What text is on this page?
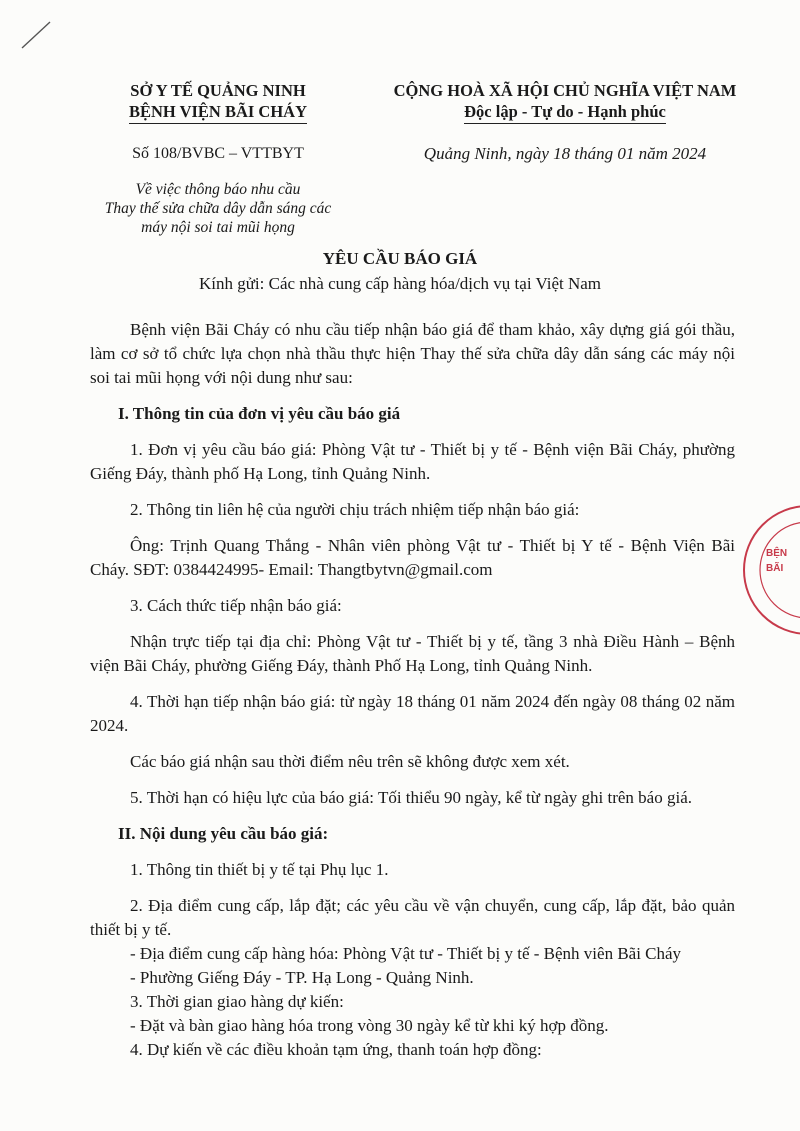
SỞ Y TẾ QUẢNG NINH

BỆNH VIỆN BÃI CHÁY

Số 108/BVBC – VTTBYT

Về việc thông báo nhu cầu

Thay thế sửa chữa dây dẫn sáng các

máy nội soi tai mũi họng

CỘNG HOÀ XÃ HỘI CHỦ NGHĨA VIỆT NAM

Độc lập - Tự do - Hạnh phúc

Quảng Ninh, ngày 18 tháng 01 năm 2024

YÊU CẦU BÁO GIÁ

Kính gửi: Các nhà cung cấp hàng hóa/dịch vụ tại Việt Nam

Bệnh viện Bãi Cháy có nhu cầu tiếp nhận báo giá để tham khảo, xây dựng giá gói thầu, làm cơ sở tổ chức lựa chọn nhà thầu thực hiện Thay thế sửa chữa dây dẫn sáng các máy nội soi tai mũi họng với nội dung như sau:

I. Thông tin của đơn vị yêu cầu báo giá

1. Đơn vị yêu cầu báo giá: Phòng Vật tư - Thiết bị y tế - Bệnh viện Bãi Cháy, phường Giếng Đáy, thành phố Hạ Long, tỉnh Quảng Ninh.

2. Thông tin liên hệ của người chịu trách nhiệm tiếp nhận báo giá:

Ông: Trịnh Quang Thắng - Nhân viên phòng Vật tư - Thiết bị Y tế - Bệnh Viện Bãi Cháy. SĐT: 0384424995- Email: Thangtbytvn@gmail.com

3. Cách thức tiếp nhận báo giá:

Nhận trực tiếp tại địa chỉ: Phòng Vật tư - Thiết bị y tế, tầng 3 nhà Điều Hành – Bệnh viện Bãi Cháy, phường Giếng Đáy, thành Phố Hạ Long, tỉnh Quảng Ninh.

4. Thời hạn tiếp nhận báo giá: từ ngày 18 tháng 01 năm 2024 đến ngày 08 tháng 02 năm 2024.

Các báo giá nhận sau thời điểm nêu trên sẽ không được xem xét.

5. Thời hạn có hiệu lực của báo giá: Tối thiểu 90 ngày, kể từ ngày ghi trên báo giá.

II. Nội dung yêu cầu báo giá:

1. Thông tin thiết bị y tế tại Phụ lục 1.

2. Địa điểm cung cấp, lắp đặt; các yêu cầu về vận chuyển, cung cấp, lắp đặt, bảo quản thiết bị y tế.

- Địa điểm cung cấp hàng hóa: Phòng Vật tư - Thiết bị y tế - Bệnh viên Bãi Cháy

- Phường Giếng Đáy - TP. Hạ Long - Quảng Ninh.

3. Thời gian giao hàng dự kiến:

- Đặt và bàn giao hàng hóa trong vòng 30 ngày kể từ khi ký hợp đồng.

4. Dự kiến về các điều khoản tạm ứng, thanh toán hợp đồng:

BỆN
BÃI
